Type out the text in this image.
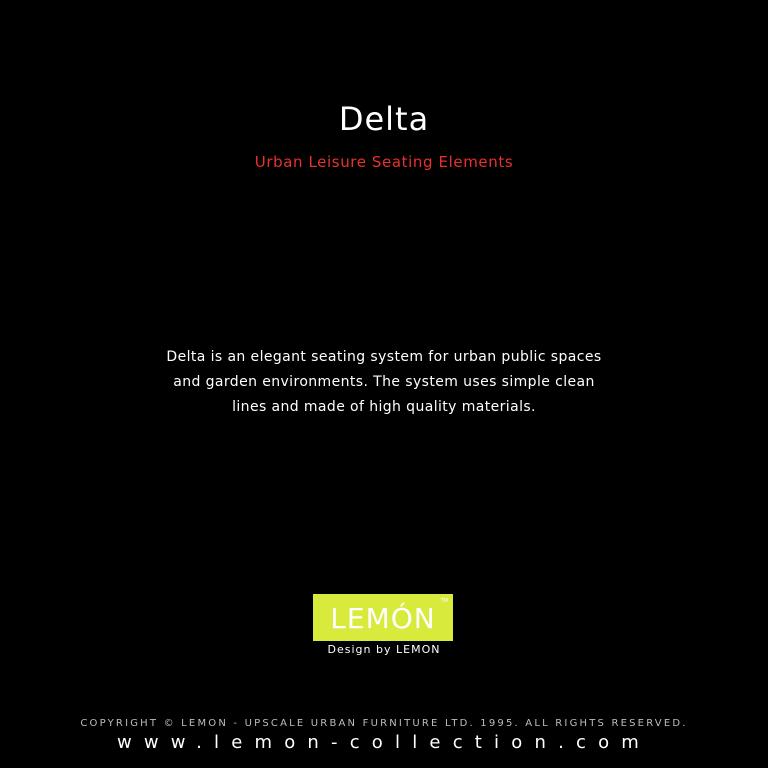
Delta
Urban Leisure Seating Elements
Delta is an elegant seating system for urban public spaces
and garden environments. The system uses simple clean
lines and made of high quality materials.
LEMÓN
TM
Design by LEMON
COPYRIGHT © LEMON - UPSCALE URBAN FURNITURE LTD. 1995. ALL RIGHTS RESERVED.
www.lemon-collection.com
